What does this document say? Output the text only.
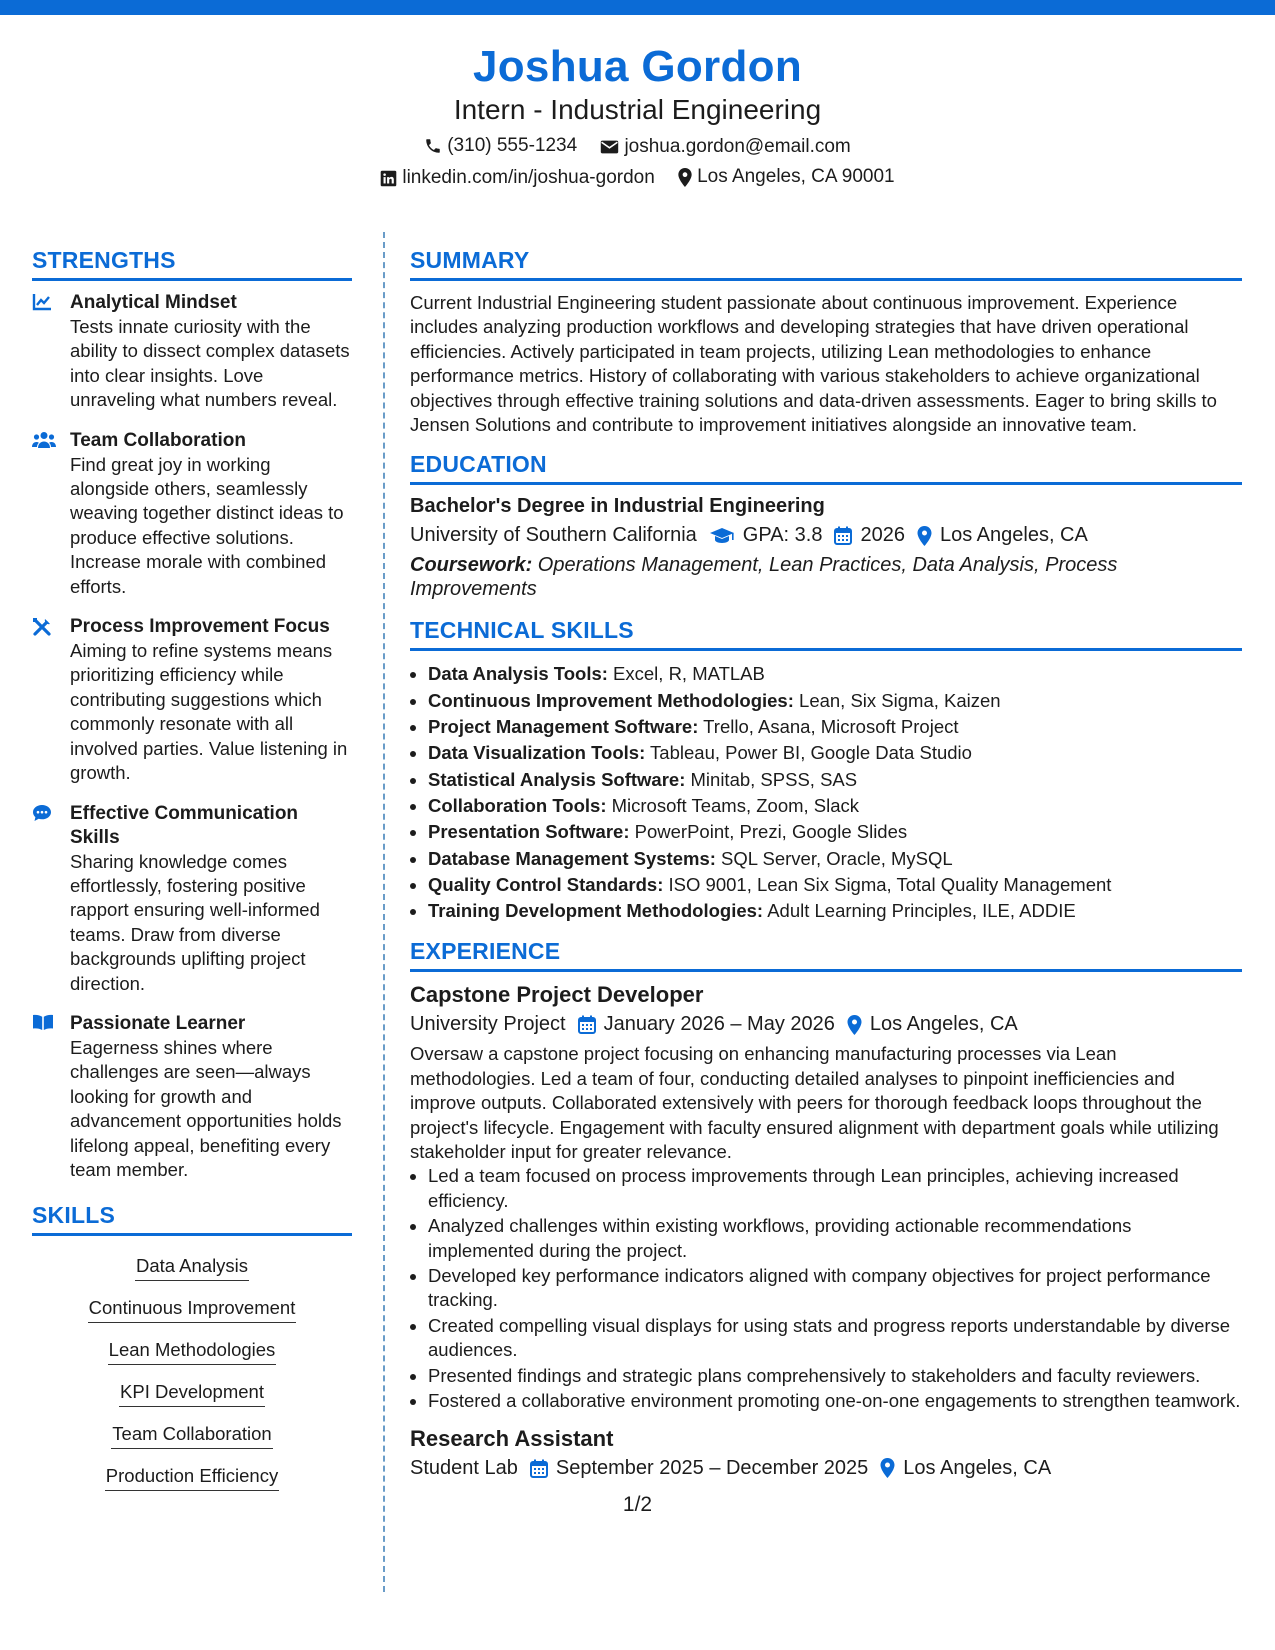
Joshua Gordon
Intern - Industrial Engineering
(310) 555-1234
joshua.gordon@email.com
linkedin.com/in/joshua-gordon
Los Angeles, CA 90001
STRENGTHS
Analytical Mindset
Tests innate curiosity with the ability to dissect complex datasets into clear insights. Love unraveling what numbers reveal.
Team Collaboration
Find great joy in working alongside others, seamlessly weaving together distinct ideas to produce effective solutions. Increase morale with combined efforts.
Process Improvement Focus
Aiming to refine systems means prioritizing efficiency while contributing suggestions which commonly resonate with all involved parties. Value listening in growth.
Effective Communication Skills
Sharing knowledge comes effortlessly, fostering positive rapport ensuring well-informed teams. Draw from diverse backgrounds uplifting project direction.
Passionate Learner
Eagerness shines where challenges are seen—always looking for growth and advancement opportunities holds lifelong appeal, benefiting every team member.
SKILLS
Data Analysis
Continuous Improvement
Lean Methodologies
KPI Development
Team Collaboration
Production Efficiency
SUMMARY
Current Industrial Engineering student passionate about continuous improvement. Experience includes analyzing production workflows and developing strategies that have driven operational efficiencies. Actively participated in team projects, utilizing Lean methodologies to enhance performance metrics. History of collaborating with various stakeholders to achieve organizational objectives through effective training solutions and data-driven assessments. Eager to bring skills to Jensen Solutions and contribute to improvement initiatives alongside an innovative team.
EDUCATION
Bachelor's Degree in Industrial Engineering
University of Southern California GPA: 3.8 2026 Los Angeles, CA
Coursework: Operations Management, Lean Practices, Data Analysis, Process Improvements
TECHNICAL SKILLS
• Data Analysis Tools: Excel, R, MATLAB
• Continuous Improvement Methodologies: Lean, Six Sigma, Kaizen
• Project Management Software: Trello, Asana, Microsoft Project
• Data Visualization Tools: Tableau, Power BI, Google Data Studio
• Statistical Analysis Software: Minitab, SPSS, SAS
• Collaboration Tools: Microsoft Teams, Zoom, Slack
• Presentation Software: PowerPoint, Prezi, Google Slides
• Database Management Systems: SQL Server, Oracle, MySQL
• Quality Control Standards: ISO 9001, Lean Six Sigma, Total Quality Management
• Training Development Methodologies: Adult Learning Principles, ILE, ADDIE
EXPERIENCE
Capstone Project Developer
University Project January 2026 – May 2026 Los Angeles, CA
Oversaw a capstone project focusing on enhancing manufacturing processes via Lean methodologies. Led a team of four, conducting detailed analyses to pinpoint inefficiencies and improve outputs. Collaborated extensively with peers for thorough feedback loops throughout the project's lifecycle. Engagement with faculty ensured alignment with department goals while utilizing stakeholder input for greater relevance.
• Led a team focused on process improvements through Lean principles, achieving increased efficiency.
• Analyzed challenges within existing workflows, providing actionable recommendations implemented during the project.
• Developed key performance indicators aligned with company objectives for project performance tracking.
• Created compelling visual displays for using stats and progress reports understandable by diverse audiences.
• Presented findings and strategic plans comprehensively to stakeholders and faculty reviewers.
• Fostered a collaborative environment promoting one-on-one engagements to strengthen teamwork.
Research Assistant
Student Lab September 2025 – December 2025 Los Angeles, CA
1/2
